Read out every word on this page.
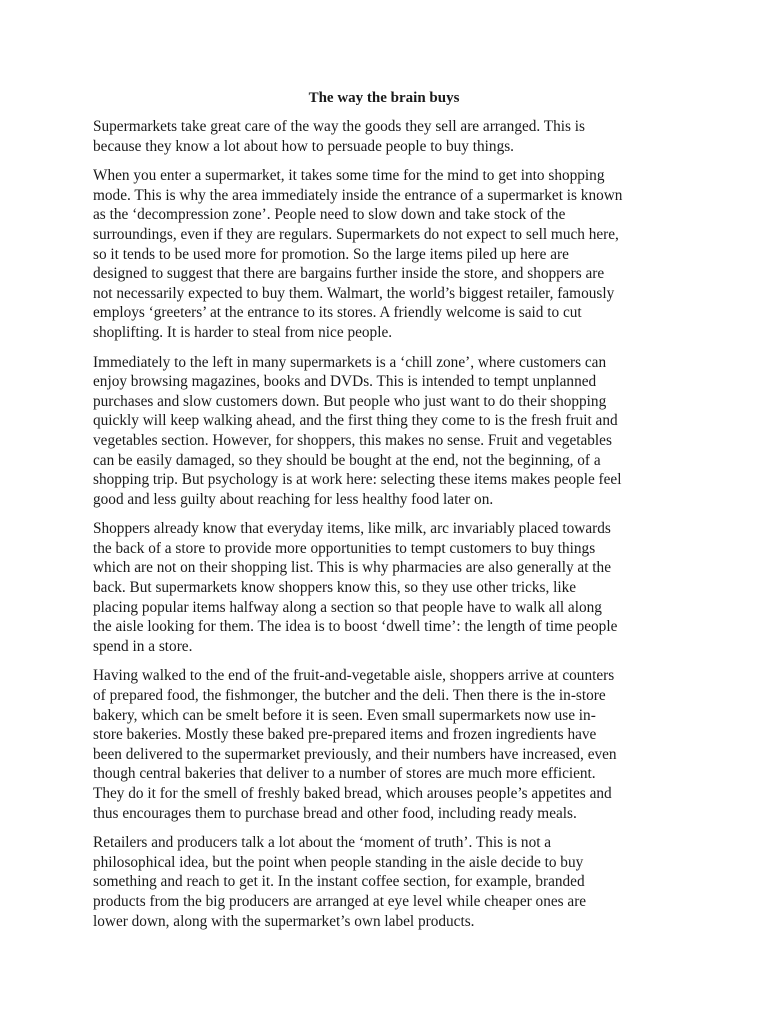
The way the brain buys

Supermarkets take great care of the way the goods they sell are arranged. This is
because they know a lot about how to persuade people to buy things.

When you enter a supermarket, it takes some time for the mind to get into shopping
mode. This is why the area immediately inside the entrance of a supermarket is known
as the ‘decompression zone’. People need to slow down and take stock of the
surroundings, even if they are regulars. Supermarkets do not expect to sell much here,
so it tends to be used more for promotion. So the large items piled up here are
designed to suggest that there are bargains further inside the store, and shoppers are
not necessarily expected to buy them. Walmart, the world’s biggest retailer, famously
employs ‘greeters’ at the entrance to its stores. A friendly welcome is said to cut
shoplifting. It is harder to steal from nice people.

Immediately to the left in many supermarkets is a ‘chill zone’, where customers can
enjoy browsing magazines, books and DVDs. This is intended to tempt unplanned
purchases and slow customers down. But people who just want to do their shopping
quickly will keep walking ahead, and the first thing they come to is the fresh fruit and
vegetables section. However, for shoppers, this makes no sense. Fruit and vegetables
can be easily damaged, so they should be bought at the end, not the beginning, of a
shopping trip. But psychology is at work here: selecting these items makes people feel
good and less guilty about reaching for less healthy food later on.

Shoppers already know that everyday items, like milk, arc invariably placed towards
the back of a store to provide more opportunities to tempt customers to buy things
which are not on their shopping list. This is why pharmacies are also generally at the
back. But supermarkets know shoppers know this, so they use other tricks, like
placing popular items halfway along a section so that people have to walk all along
the aisle looking for them. The idea is to boost ‘dwell time’: the length of time people
spend in a store.

Having walked to the end of the fruit-and-vegetable aisle, shoppers arrive at counters
of prepared food, the fishmonger, the butcher and the deli. Then there is the in-store
bakery, which can be smelt before it is seen. Even small supermarkets now use in-
store bakeries. Mostly these baked pre-prepared items and frozen ingredients have
been delivered to the supermarket previously, and their numbers have increased, even
though central bakeries that deliver to a number of stores are much more efficient.
They do it for the smell of freshly baked bread, which arouses people’s appetites and
thus encourages them to purchase bread and other food, including ready meals.

Retailers and producers talk a lot about the ‘moment of truth’. This is not a
philosophical idea, but the point when people standing in the aisle decide to buy
something and reach to get it. In the instant coffee section, for example, branded
products from the big producers are arranged at eye level while cheaper ones are
lower down, along with the supermarket’s own label products.
